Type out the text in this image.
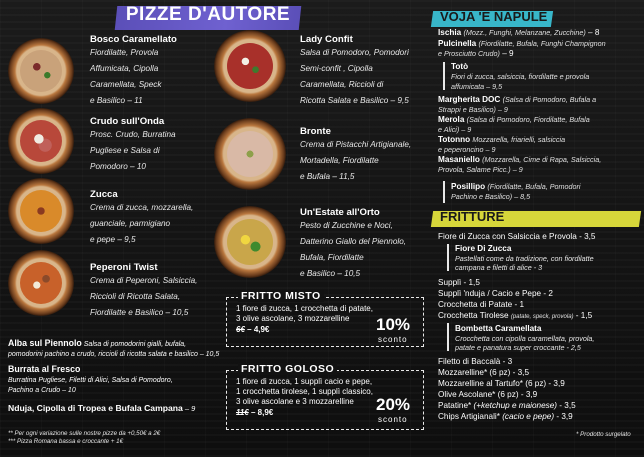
PIZZE D'AUTORE
Bosco Caramellato
Fiordilatte, Provola
Affumicata, Cipolla
Caramellata, Speck
e Basilico – 11
Crudo sull'Onda
Prosc. Crudo, Burratina
Pugliese e Salsa di
Pomodoro – 10
Zucca
Crema di zucca, mozzarella,
guanciale, parmigiano
e pepe – 9,5
Peperoni Twist
Crema di Peperoni, Salsiccia,
Riccioli di Ricotta Salata,
Fiordilatte e Basilico – 10,5
Lady Confit
Salsa di Pomodoro, Pomodori
Semi-confit , Cipolla
Caramellata, Riccioli di
Ricotta Salata e Basilico – 9,5
Bronte
Crema di Pistacchi Artigianale,
Mortadella, Fiordilatte
e Bufala – 11,5
Un'Estate all'Orto
Pesto di Zucchine e Noci,
Datterino Giallo del Piennolo,
Bufala, Fiordilatte
e Basilico – 10,5
Alba sul Piennolo Salsa di pomodorini gialli, bufala,
pomodorini pachino a crudo, riccioli di ricotta salata e basilico – 10,5
Burrata al Fresco
Burratina Pugliese, Filetti di Alici, Salsa di Pomodoro,
Pachino a Crudo – 10
Nduja, Cipolla di Tropea e Bufala Campana – 9
** Per ogni variazione sulle nostre pizze da +0,50€ a 2€
*** Pizza Romana bassa e croccante + 1€
FRITTO MISTO
1 fiore di zucca, 1 crocchetta di patate,
3 olive ascolane, 3 mozzarelline
6€ – 4,9€	10%
sconto
FRITTO GOLOSO
1 fiore di zucca, 1 supplì cacio e pepe,
1 crocchetta tirolese, 1 supplì classico,
3 olive ascolane e 3 mozzarelline
11€ – 8,9€	20%
sconto
VOJA 'E NAPULE
Ischia (Mozz., Funghi, Melanzane, Zucchine) – 8
Pulcinella (Fiordilatte, Bufala, Funghi Champignon
e Prosciutto Crudo) – 9
Totò
Fiori di zucca, salsiccia, fiordilatte e provola
affumicata – 9,5
Margherita DOC (Salsa di Pomodoro, Bufala a
Strappi e Basilico) – 9
Merola (Salsa di Pomodoro, Fiordilatte, Bufala
e Alici) – 9
Totonno Mozzarella, friarielli, salsiccia
e peperoncino – 9
Masaniello (Mozzarella, Cime di Rapa, Salsiccia,
Provola, Salame Picc.) – 9
Posillipo (Fiordilatte, Bufala, Pomodori
Pachino e Basilico) – 8,5
FRITTURE
Fiore di Zucca con Salsiccia e Provola - 3,5
Fiore Di Zucca
Pastellati come da tradizione, con fiordilatte
campana e filetti di alice - 3
Supplì - 1,5
Supplì 'nduja / Cacio e Pepe - 2
Crocchetta di Patate - 1
Crocchetta Tirolese (patate, speck, provola) - 1,5
Bombetta Caramellata
Crocchetta con cipolla caramellata, provola,
patate e panatura super croccante - 2,5
Filetto di Baccalà - 3
Mozzarelline* (6 pz) - 3,5
Mozzarelline al Tartufo* (6 pz) - 3,9
Olive Ascolane* (6 pz) - 3,9
Patatine* (+ketchup e maionese) - 3,5
Chips Artigianali* (cacio e pepe) - 3,9
* Prodotto surgelato
